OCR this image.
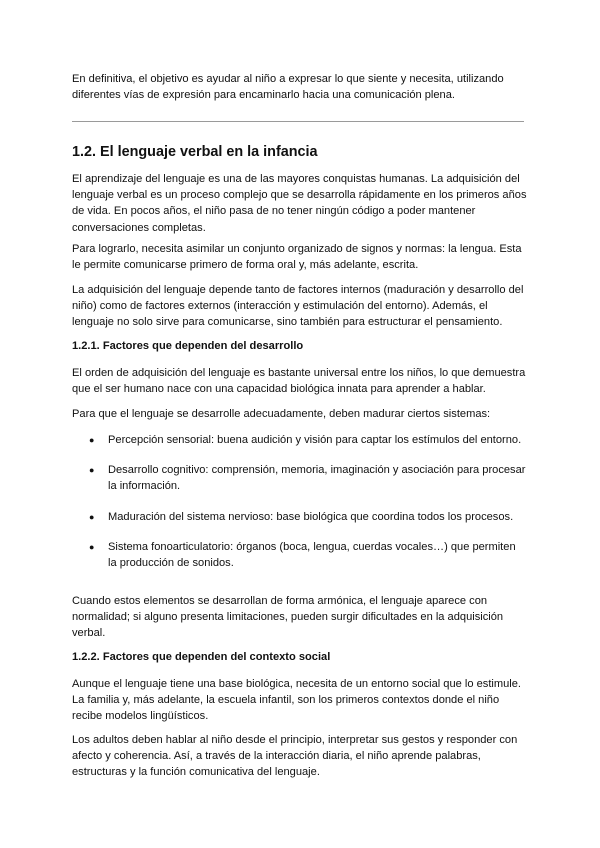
En definitiva, el objetivo es ayudar al niño a expresar lo que siente y necesita, utilizando diferentes vías de expresión para encaminarlo hacia una comunicación plena.

1.2. El lenguaje verbal en la infancia

El aprendizaje del lenguaje es una de las mayores conquistas humanas. La adquisición del lenguaje verbal es un proceso complejo que se desarrolla rápidamente en los primeros años de vida. En pocos años, el niño pasa de no tener ningún código a poder mantener conversaciones completas.

Para lograrlo, necesita asimilar un conjunto organizado de signos y normas: la lengua. Esta le permite comunicarse primero de forma oral y, más adelante, escrita.

La adquisición del lenguaje depende tanto de factores internos (maduración y desarrollo del niño) como de factores externos (interacción y estimulación del entorno). Además, el lenguaje no solo sirve para comunicarse, sino también para estructurar el pensamiento.

1.2.1. Factores que dependen del desarrollo

El orden de adquisición del lenguaje es bastante universal entre los niños, lo que demuestra que el ser humano nace con una capacidad biológica innata para aprender a hablar.

Para que el lenguaje se desarrolle adecuadamente, deben madurar ciertos sistemas:

● Percepción sensorial: buena audición y visión para captar los estímulos del entorno.
● Desarrollo cognitivo: comprensión, memoria, imaginación y asociación para procesar la información.
● Maduración del sistema nervioso: base biológica que coordina todos los procesos.
● Sistema fonoarticulatorio: órganos (boca, lengua, cuerdas vocales…) que permiten la producción de sonidos.

Cuando estos elementos se desarrollan de forma armónica, el lenguaje aparece con normalidad; si alguno presenta limitaciones, pueden surgir dificultades en la adquisición verbal.

1.2.2. Factores que dependen del contexto social

Aunque el lenguaje tiene una base biológica, necesita de un entorno social que lo estimule. La familia y, más adelante, la escuela infantil, son los primeros contextos donde el niño recibe modelos lingüísticos.

Los adultos deben hablar al niño desde el principio, interpretar sus gestos y responder con afecto y coherencia. Así, a través de la interacción diaria, el niño aprende palabras, estructuras y la función comunicativa del lenguaje.
